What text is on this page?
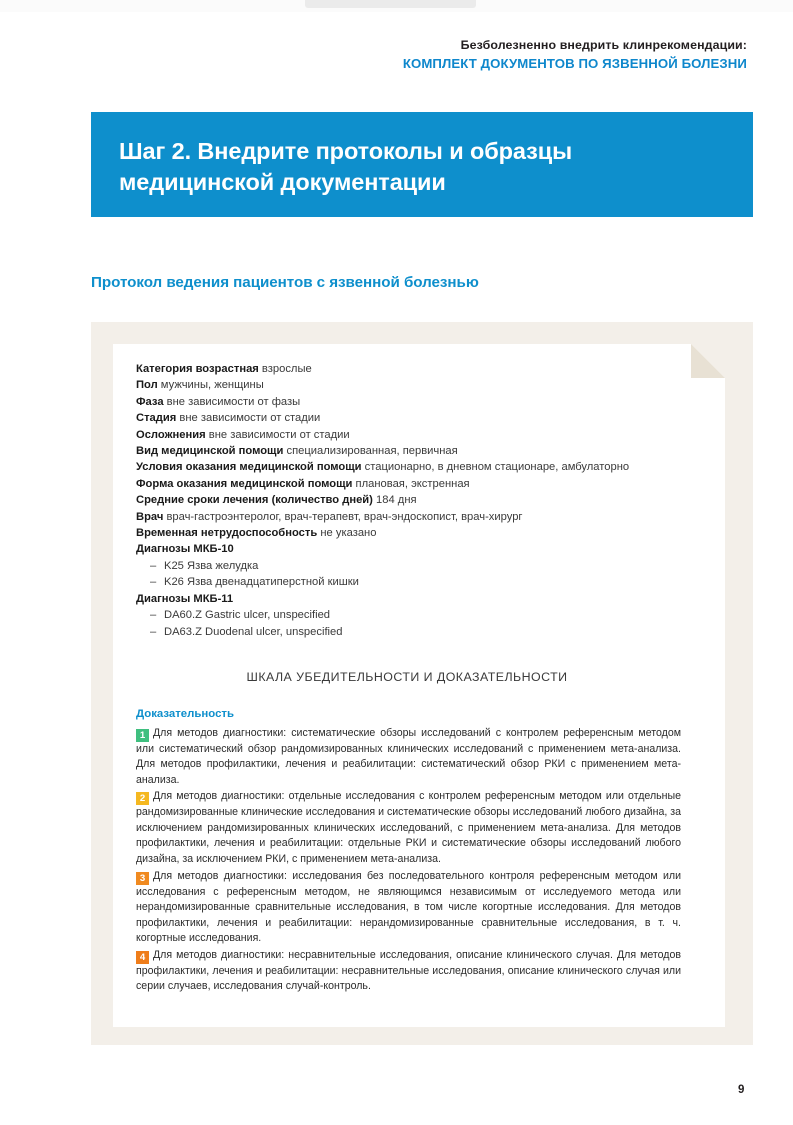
Безболезненно внедрить клинрекомендации:
КОМПЛЕКТ ДОКУМЕНТОВ ПО ЯЗВЕННОЙ БОЛЕЗНИ
Шаг 2. Внедрите протоколы и образцы медицинской документации
Протокол ведения пациентов с язвенной болезнью
Категория возрастная взрослые
Пол мужчины, женщины
Фаза вне зависимости от фазы
Стадия вне зависимости от стадии
Осложнения вне зависимости от стадии
Вид медицинской помощи специализированная, первичная
Условия оказания медицинской помощи стационарно, в дневном стационаре, амбулаторно
Форма оказания медицинской помощи плановая, экстренная
Средние сроки лечения (количество дней) 184 дня
Врач врач-гастроэнтеролог, врач-терапевт, врач-эндоскопист, врач-хирург
Временная нетрудоспособность не указано
Диагнозы МКБ-10
– K25 Язва желудка
– K26 Язва двенадцатиперстной кишки
Диагнозы МКБ-11
– DA60.Z Gastric ulcer, unspecified
– DA63.Z Duodenal ulcer, unspecified
ШКАЛА УБЕДИТЕЛЬНОСТИ И ДОКАЗАТЕЛЬНОСТИ
Доказательность
1 Для методов диагностики: систематические обзоры исследований с контролем референсным методом или систематический обзор рандомизированных клинических исследований с применением мета-анализа. Для методов профилактики, лечения и реабилитации: систематический обзор РКИ с применением мета-анализа.
2 Для методов диагностики: отдельные исследования с контролем референсным методом или отдельные рандомизированные клинические исследования и систематические обзоры исследований любого дизайна, за исключением рандомизированных клинических исследований, с применением мета-анализа. Для методов профилактики, лечения и реабилитации: отдельные РКИ и систематические обзоры исследований любого дизайна, за исключением РКИ, с применением мета-анализа.
3 Для методов диагностики: исследования без последовательного контроля референсным методом или исследования с референсным методом, не являющимся независимым от исследуемого метода или нерандомизированные сравнительные исследования, в том числе когортные исследования. Для методов профилактики, лечения и реабилитации: нерандомизированные сравнительные исследования, в т. ч. когортные исследования.
4 Для методов диагностики: несравнительные исследования, описание клинического случая. Для методов профилактики, лечения и реабилитации: несравнительные исследования, описание клинического случая или серии случаев, исследования случай-контроль.
9
